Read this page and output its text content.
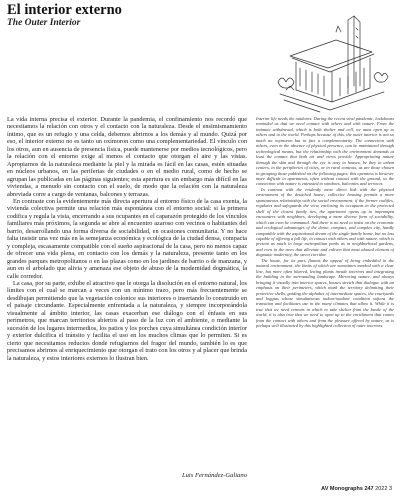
El interior externo
The Outer Interior

La vida interna precisa el exterior. Durante la pandemia, el confinamiento nos recordó que necesitamos la relación con otros y el contacto con la naturaleza. Desde el ensimismamiento íntimo, que es un refugio y una celda, debemos abrirnos a los demás y al mundo. Quizá por eso, el interior externo no es tanto un oxímoron como una complementariedad. El vínculo con los otros, aun en ausencia de presencia física, puede mantenerse por medios tecnológicos, pero la relación con el entorno exige al menos el contacto que otorgan el aire y las vistas. Apropiarnos de la naturaleza mediante la piel y la mirada es fácil en las casas, estén situadas en núcleos urbanos, en las periferias de ciudades o en el medio rural, como de hecho se agrupan las publicadas en las páginas siguientes; esta apertura es sin embargo más difícil en las viviendas, a menudo sin contacto con el suelo, de modo que la relación con la naturaleza abreviada corre a cargo de ventanas, balcones y terrazas.

En contraste con la evidentemente más directa apertura al entorno físico de la casa exenta, la vivienda colectiva permite una relación más espontánea con el entorno social: si la primera codifica y regula la vista, encerrando a sus ocupantes en el caparazón protegido de los vínculos familiares más próximos, la segunda se abre al encuentro azaroso con vecinos o habitantes del barrio, desarrollando una forma diversa de sociabilidad, en ocasiones comunitaria. Y no hace falta insistir una vez más en la semejanza económica y ecológica de la ciudad densa, compacta y compleja, escasamente compatible con el sueño aspiracional de la casa, pero no menos capaz de ofrecer una vida plena, en contacto con los demás y la naturaleza, presente tanto en los grandes parques metropolitanos o en las plazas como en los jardines de barrio o de manzana, y aun en el arbolado que alivia y amenaza ese objeto de abuso de la modernidad dogmática, la calle corredor.

La casa, por su parte, exhibe el atractivo que le otorga la disolución en el entorno natural, los límites con el cual se marcan a veces con un mínimo trazo, pero más frecuentemente se desdibujan permitiendo que la vegetación colonice sus interiores o insertando lo construido en el paisaje circundante. Especialmente enfrentada a la naturaleza, y siempre incorporándola visualmente al ámbito interior, las casas exacerban ese diálogo con el énfasis en sus perímetros, que marcan territorios abiertos al paso de la luz con el ambiente, o mediante la sucesión de los lugares intermedios, los patios y los porches cuya simultánea condición interior y exterior dulcifica el tránsito y facilita el uso en los muchos climas que lo permiten. Si es cierto que necesitamos reductos donde refugiarnos del fragor del mundo, también lo es que precisamos abrirnos al enriquecimiento que otorgan el trato con los otros y al placer que brinda la naturaleza, y estos interiores externos lo ilustran bien.

Luis Fernández-Galiano

Interior life needs the outdoors. During the recent viral pandemic, lockdowns reminded us that we need contact with others and with nature. From the intimate withdrawal, which is both shelter and cell, we must open up to others and to the world. Perhaps because of this, the outer interior is not so much an oxymoron but in fact a complementarity. The connection with others, even in the absence of physical presence, can be maintained through technological means, but the relationship with the environment demands at least the contact that both air and views provide. Appropriating nature through the skin and through the eye is easy in houses, be they in urban centers, in the peripheries of cities, or in rural contexts, as are those chosen in grouping those published on the following pages; this openness is however more difficult in apartments, often without contact with the ground, so the connection with nature is entrusted to windows, balconies and terraces.

In contrast with the evidently more direct link with the physical environment of the detached house, collective housing permits a more spontaneous relationship with the social environment: if the former codifies, regulates and safeguards the view, enclosing its occupants in the protected shell of the closest family ties, the apartment opens up to impromptu encounters with neighbors, developing a more diverse form of sociability, which can even be communal. And there is no need to insist on the economic and ecological advantages of the dense, compact, and complex city, hardly compatible with the aspirational dream of the single-family home, but no less capable of offering a full life, in contact with others and with nature, which is present as much in large metropolitan parks as in neighborhood gardens, and even in the trees that alleviate and enliven that most abused element of dogmatic modernity, the street corridor.

The house, for its part, flaunts the appeal of being embedded in the natural environment, the limits of which are sometimes marked with a clear line, but more often blurred, letting plants invade interiors and integrating the building in the surrounding landscape. Mirroring nature, and always bringing it visually into interior spaces, houses stretch that dialogue with an emphasis on their perimeters, which mark the territory delimiting their protective shells, guiding the alphabet of intermediate spaces, the courtyards and loggias whose simultaneous indoor/outdoor condition softens the transition and facilitates use in the many climates that allow it. While it is true that we need retreats in which to take shelter from the bustle of the world, it is also true that we need to open up to the enrichment that comes from the contact with others and from the pleasure offered by nature, as is perhaps well illustrated by this highlighted collection of outer interiors.

AV Monographs 247 2022 3
